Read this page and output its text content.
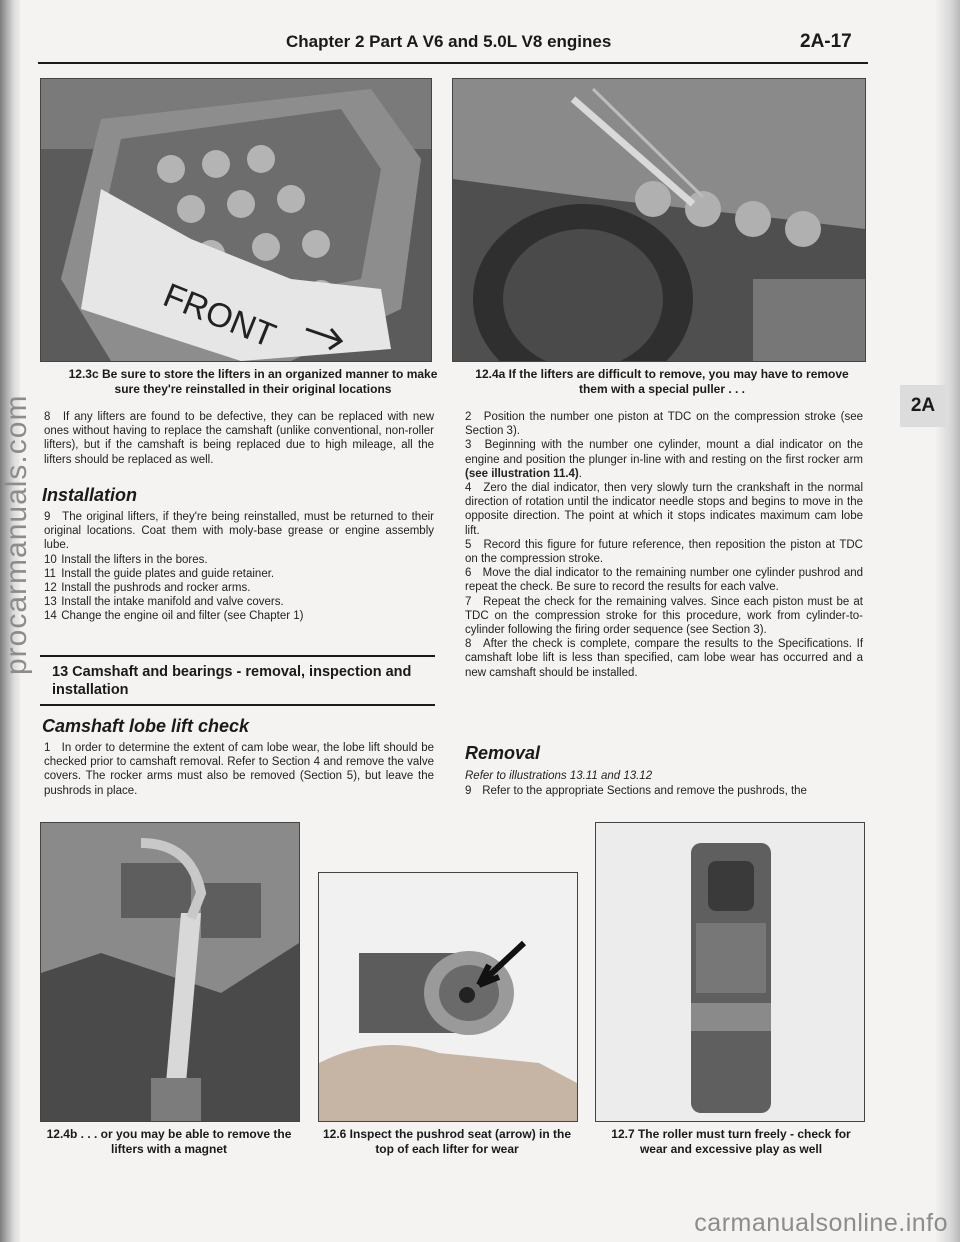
procarmanuals.com
Chapter 2 Part A V6 and 5.0L V8 engines	2A-17
2A
FRONT
12.3c Be sure to store the lifters in an organized manner to make sure they're reinstalled in their original locations
12.4a If the lifters are difficult to remove, you may have to remove them with a special puller . . .

8 If any lifters are found to be defective, they can be replaced with new ones without having to replace the camshaft (unlike conventional, non-roller lifters), but if the camshaft is being replaced due to high mileage, all the lifters should be replaced as well.

Installation

9 The original lifters, if they're being reinstalled, must be returned to their original locations. Coat them with moly-base grease or engine assembly lube.

10 Install the lifters in the bores.

11 Install the guide plates and guide retainer.

12 Install the pushrods and rocker arms.

13 Install the intake manifold and valve covers.

14 Change the engine oil and filter (see Chapter 1)

13 Camshaft and bearings - removal, inspection and installation
Camshaft lobe lift check

1 In order to determine the extent of cam lobe wear, the lobe lift should be checked prior to camshaft removal. Refer to Section 4 and remove the valve covers. The rocker arms must also be removed (Section 5), but leave the pushrods in place.

2 Position the number one piston at TDC on the compression stroke (see Section 3).

3 Beginning with the number one cylinder, mount a dial indicator on the engine and position the plunger in-line with and resting on the first rocker arm (see illustration 11.4).

4 Zero the dial indicator, then very slowly turn the crankshaft in the normal direction of rotation until the indicator needle stops and begins to move in the opposite direction. The point at which it stops indicates maximum cam lobe lift.

5 Record this figure for future reference, then reposition the piston at TDC on the compression stroke.

6 Move the dial indicator to the remaining number one cylinder pushrod and repeat the check. Be sure to record the results for each valve.

7 Repeat the check for the remaining valves. Since each piston must be at TDC on the compression stroke for this procedure, work from cylinder-to-cylinder following the firing order sequence (see Section 3).

8 After the check is complete, compare the results to the Specifications. If camshaft lobe lift is less than specified, cam lobe wear has occurred and a new camshaft should be installed.

Removal
Refer to illustrations 13.11 and 13.12

9 Refer to the appropriate Sections and remove the pushrods, the

12.4b . . . or you may be able to remove the lifters with a magnet
12.6 Inspect the pushrod seat (arrow) in the top of each lifter for wear
12.7 The roller must turn freely - check for wear and excessive play as well
carmanualsonline.info
